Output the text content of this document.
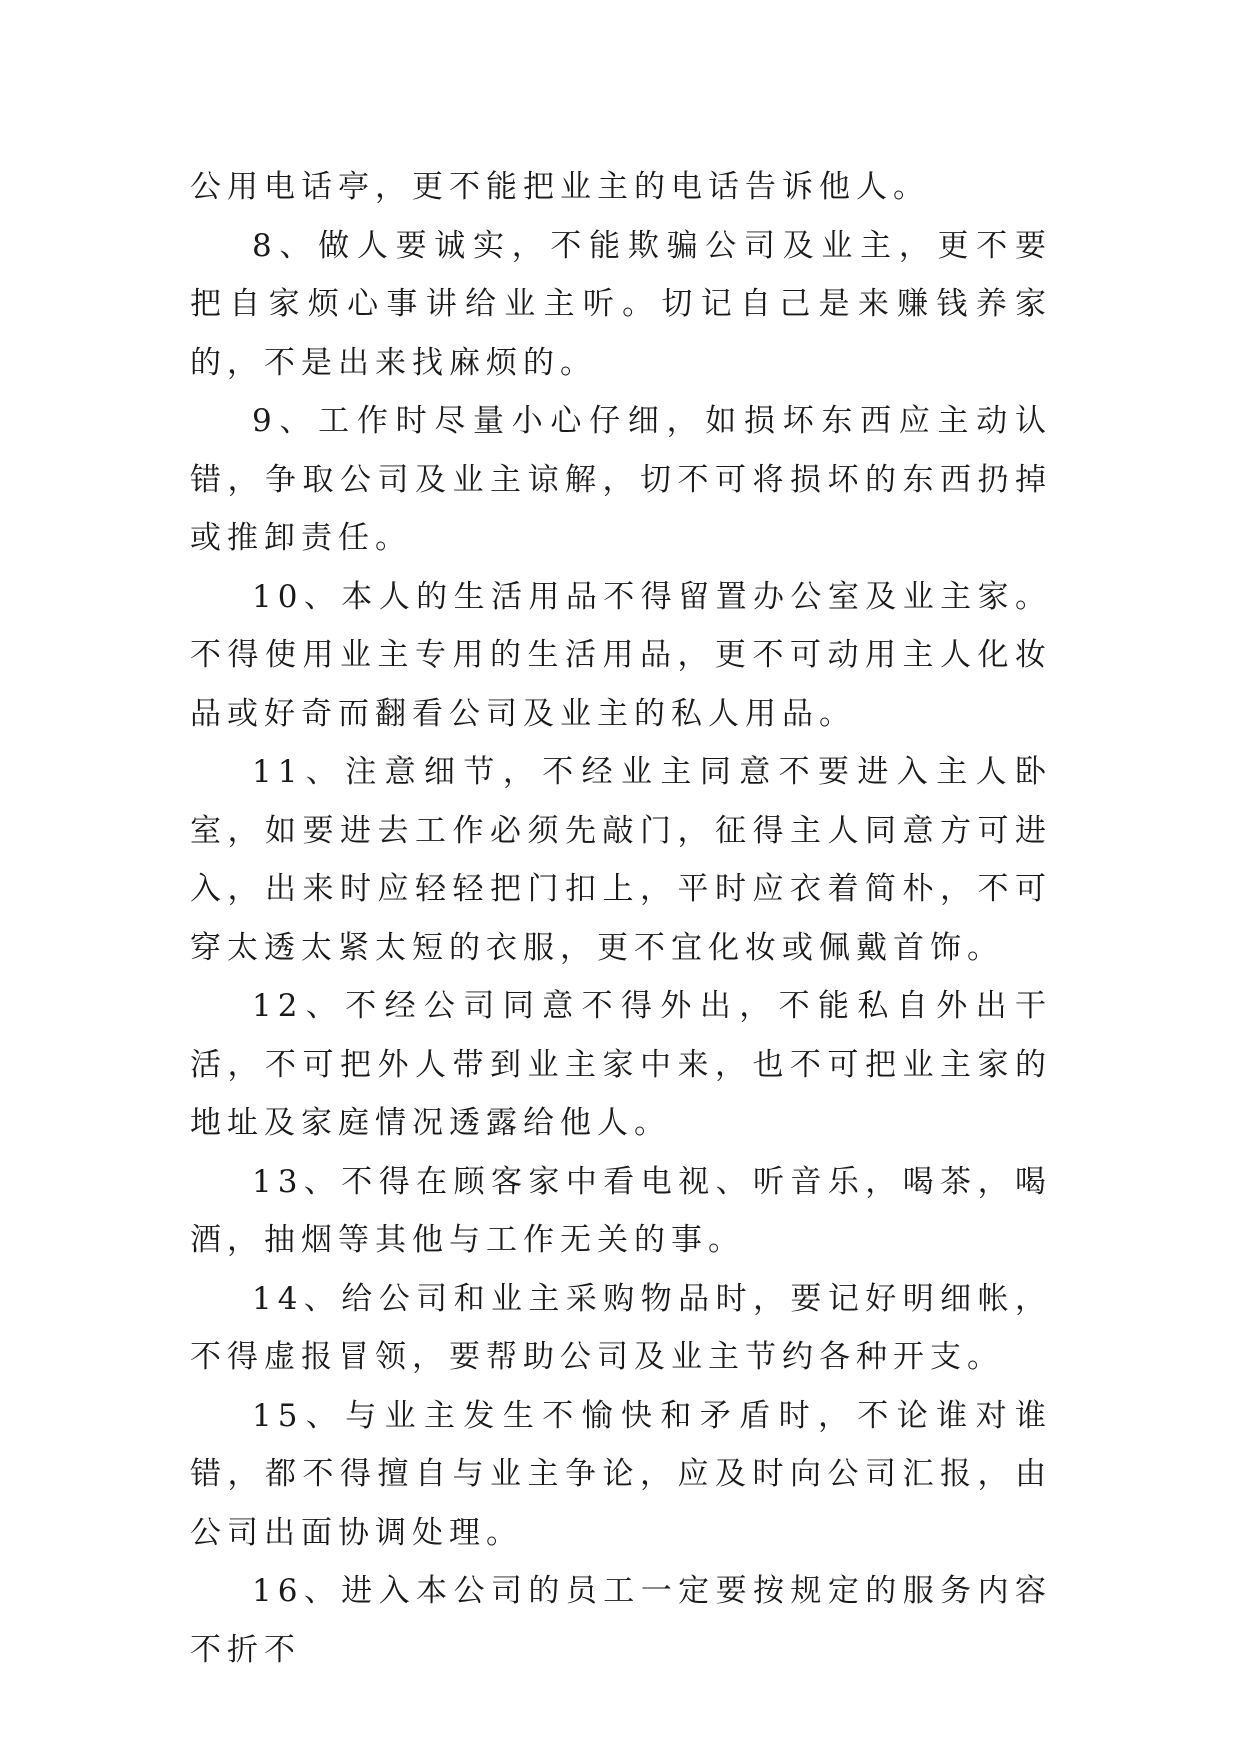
公用电话亭，更不能把业主的电话告诉他人。

8、做人要诚实，不能欺骗公司及业主，更不要把自家烦心事讲给业主听。切记自己是来赚钱养家的，不是出来找麻烦的。

9、工作时尽量小心仔细，如损坏东西应主动认错，争取公司及业主谅解，切不可将损坏的东西扔掉或推卸责任。

10、本人的生活用品不得留置办公室及业主家。不得使用业主专用的生活用品，更不可动用主人化妆品或好奇而翻看公司及业主的私人用品。

11、注意细节，不经业主同意不要进入主人卧室，如要进去工作必须先敲门，征得主人同意方可进入，出来时应轻轻把门扣上，平时应衣着简朴，不可穿太透太紧太短的衣服，更不宜化妆或佩戴首饰。

12、不经公司同意不得外出，不能私自外出干活，不可把外人带到业主家中来，也不可把业主家的地址及家庭情况透露给他人。

13、不得在顾客家中看电视、听音乐，喝茶，喝酒，抽烟等其他与工作无关的事。

14、给公司和业主采购物品时，要记好明细帐，不得虚报冒领，要帮助公司及业主节约各种开支。

15、与业主发生不愉快和矛盾时，不论谁对谁错，都不得擅自与业主争论，应及时向公司汇报，由公司出面协调处理。

16、进入本公司的员工一定要按规定的服务内容不折不
